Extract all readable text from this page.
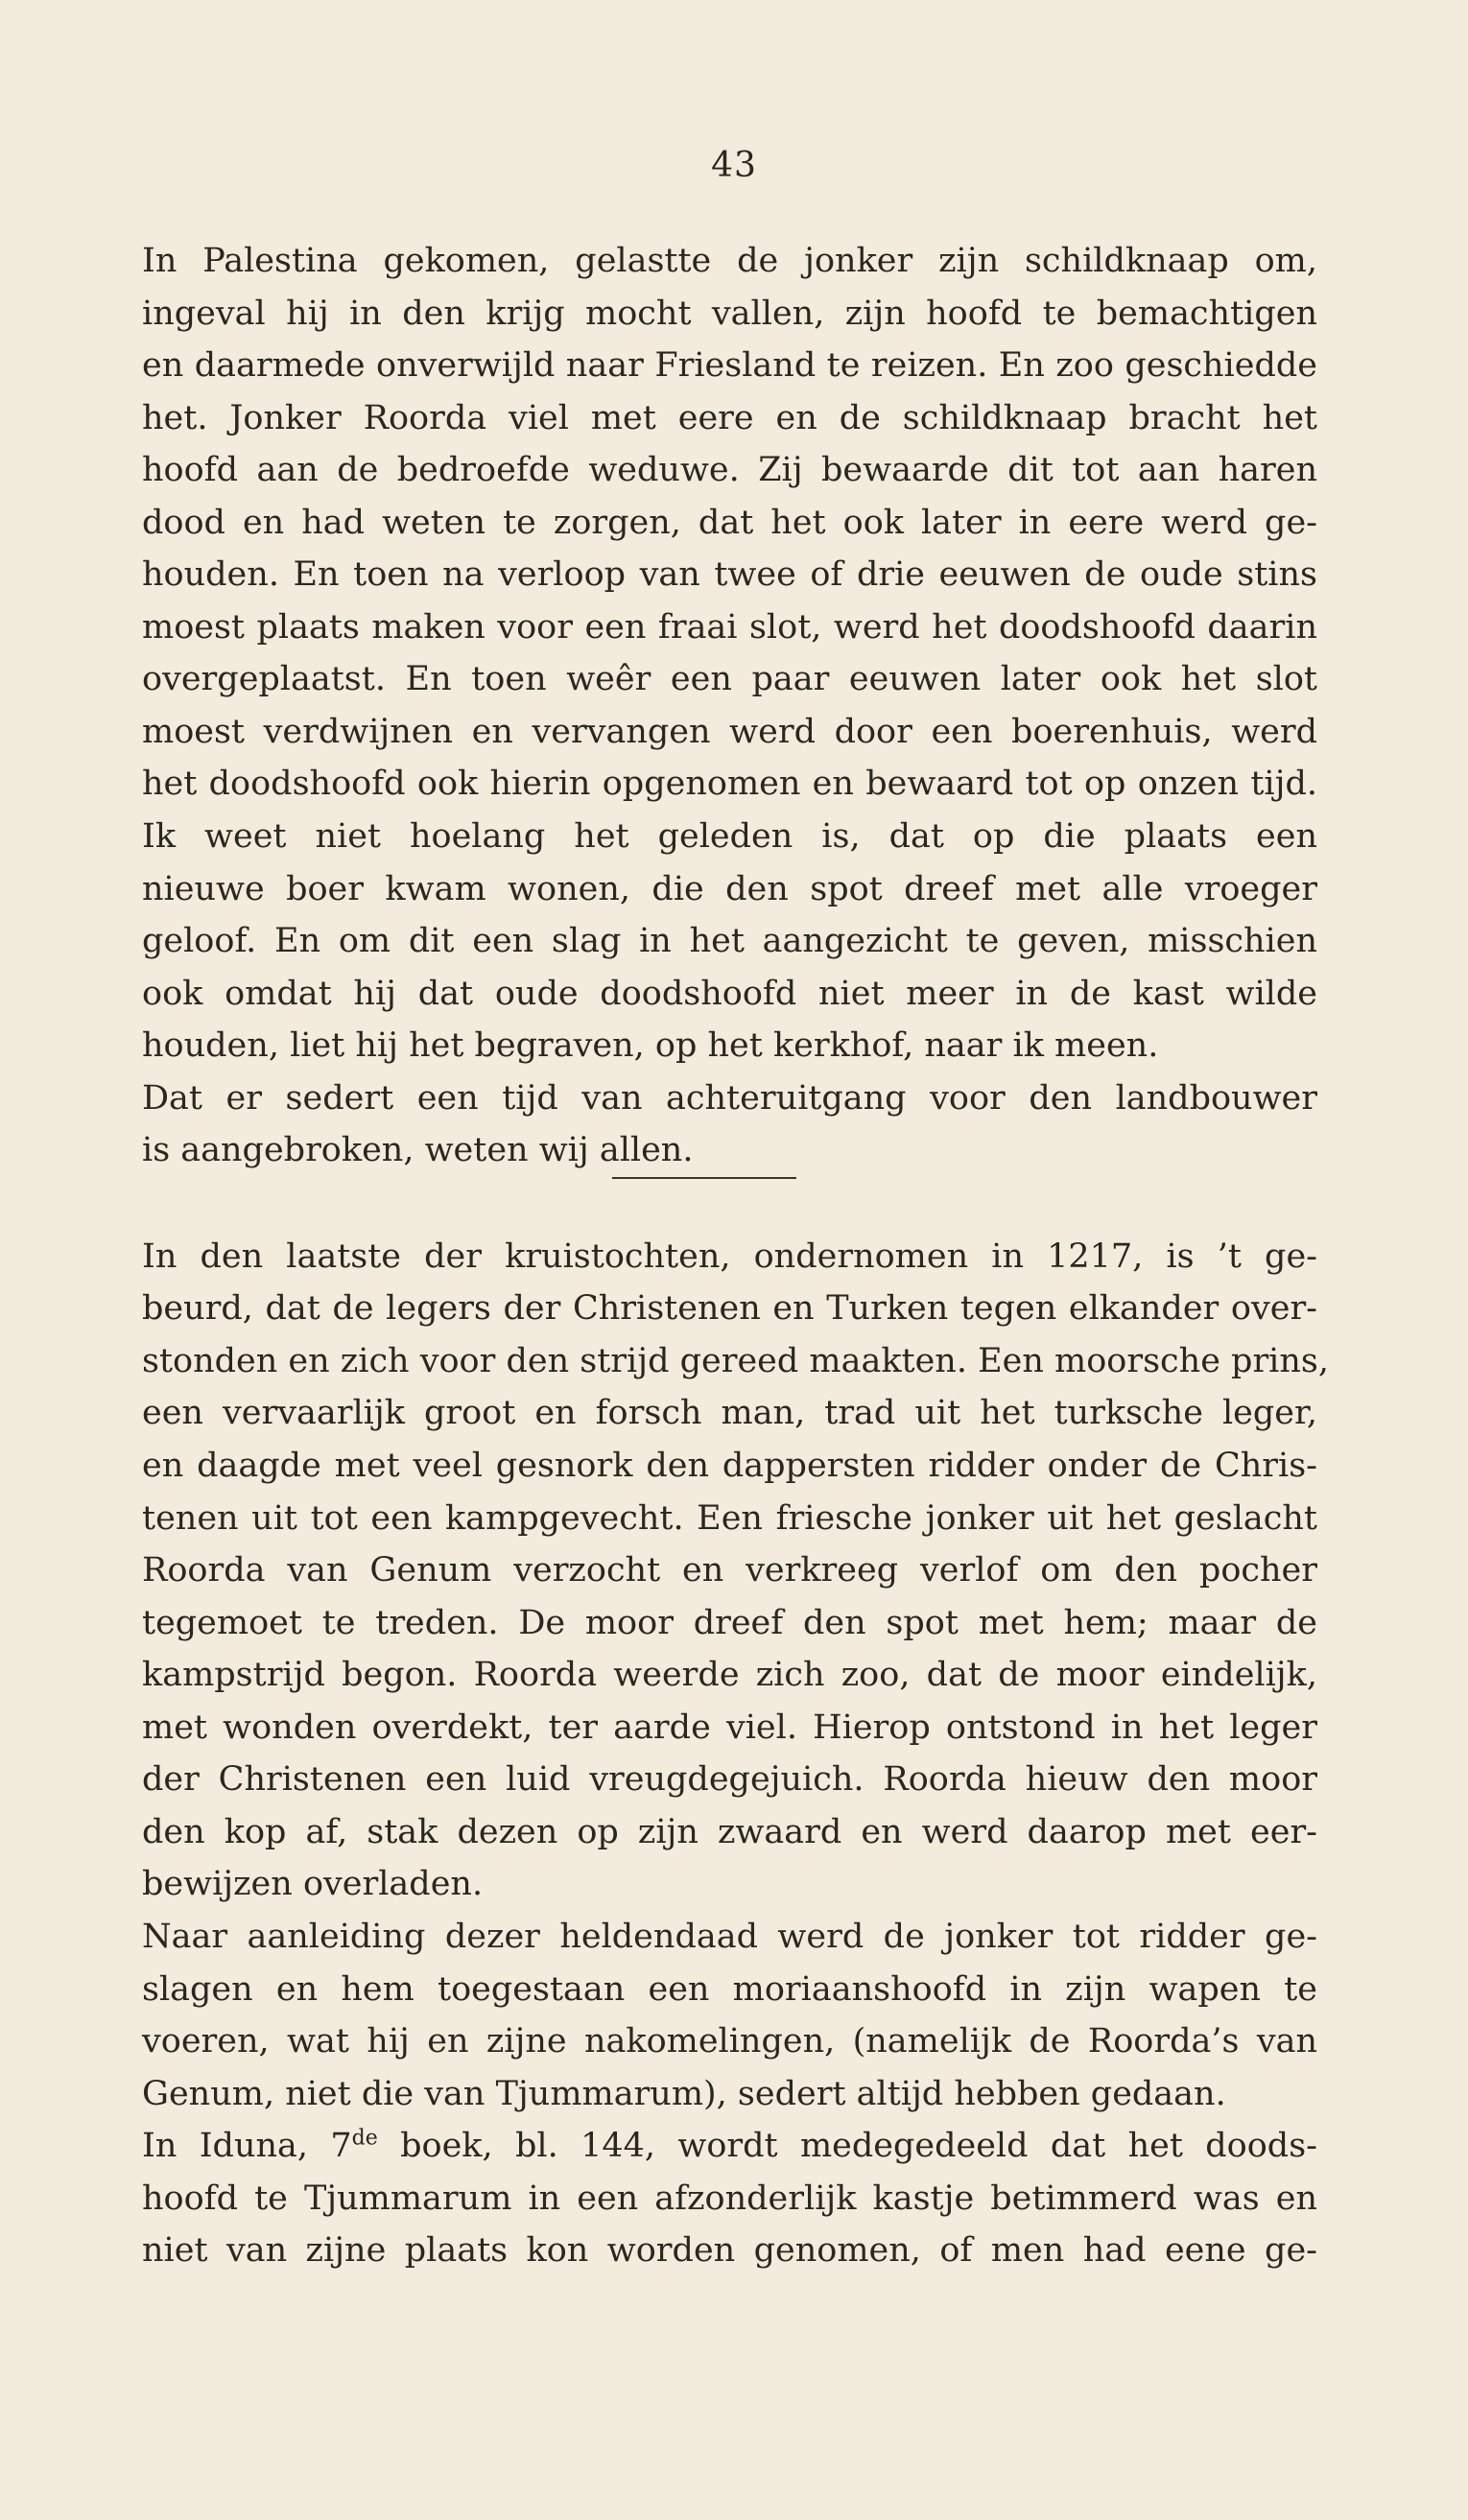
43
In Palestina gekomen, gelastte de jonker zijn schildknaap om,
ingeval hij in den krijg mocht vallen, zijn hoofd te bemachtigen
en daarmede onverwijld naar Friesland te reizen. En zoo geschiedde
het. Jonker Roorda viel met eere en de schildknaap bracht het
hoofd aan de bedroefde weduwe. Zij bewaarde dit tot aan haren
dood en had weten te zorgen, dat het ook later in eere werd ge-
houden. En toen na verloop van twee of drie eeuwen de oude stins
moest plaats maken voor een fraai slot, werd het doodshoofd daarin
overgeplaatst. En toen weêr een paar eeuwen later ook het slot
moest verdwijnen en vervangen werd door een boerenhuis, werd
het doodshoofd ook hierin opgenomen en bewaard tot op onzen tijd.
Ik weet niet hoelang het geleden is, dat op die plaats een
nieuwe boer kwam wonen, die den spot dreef met alle vroeger
geloof. En om dit een slag in het aangezicht te geven, misschien
ook omdat hij dat oude doodshoofd niet meer in de kast wilde
houden, liet hij het begraven, op het kerkhof, naar ik meen.
Dat er sedert een tijd van achteruitgang voor den landbouwer
is aangebroken, weten wij allen.
In den laatste der kruistochten, ondernomen in 1217, is ’t ge-
beurd, dat de legers der Christenen en Turken tegen elkander over-
stonden en zich voor den strijd gereed maakten. Een moorsche prins,
een vervaarlijk groot en forsch man, trad uit het turksche leger,
en daagde met veel gesnork den dappersten ridder onder de Chris-
tenen uit tot een kampgevecht. Een friesche jonker uit het geslacht
Roorda van Genum verzocht en verkreeg verlof om den pocher
tegemoet te treden. De moor dreef den spot met hem; maar de
kampstrijd begon. Roorda weerde zich zoo, dat de moor eindelijk,
met wonden overdekt, ter aarde viel. Hierop ontstond in het leger
der Christenen een luid vreugdegejuich. Roorda hieuw den moor
den kop af, stak dezen op zijn zwaard en werd daarop met eer-
bewijzen overladen.
Naar aanleiding dezer heldendaad werd de jonker tot ridder ge-
slagen en hem toegestaan een moriaanshoofd in zijn wapen te
voeren, wat hij en zijne nakomelingen, (namelijk de Roorda’s van
Genum, niet die van Tjummarum), sedert altijd hebben gedaan.
In Iduna, 7de boek, bl. 144, wordt medegedeeld dat het doods-
hoofd te Tjummarum in een afzonderlijk kastje betimmerd was en
niet van zijne plaats kon worden genomen, of men had eene ge-
